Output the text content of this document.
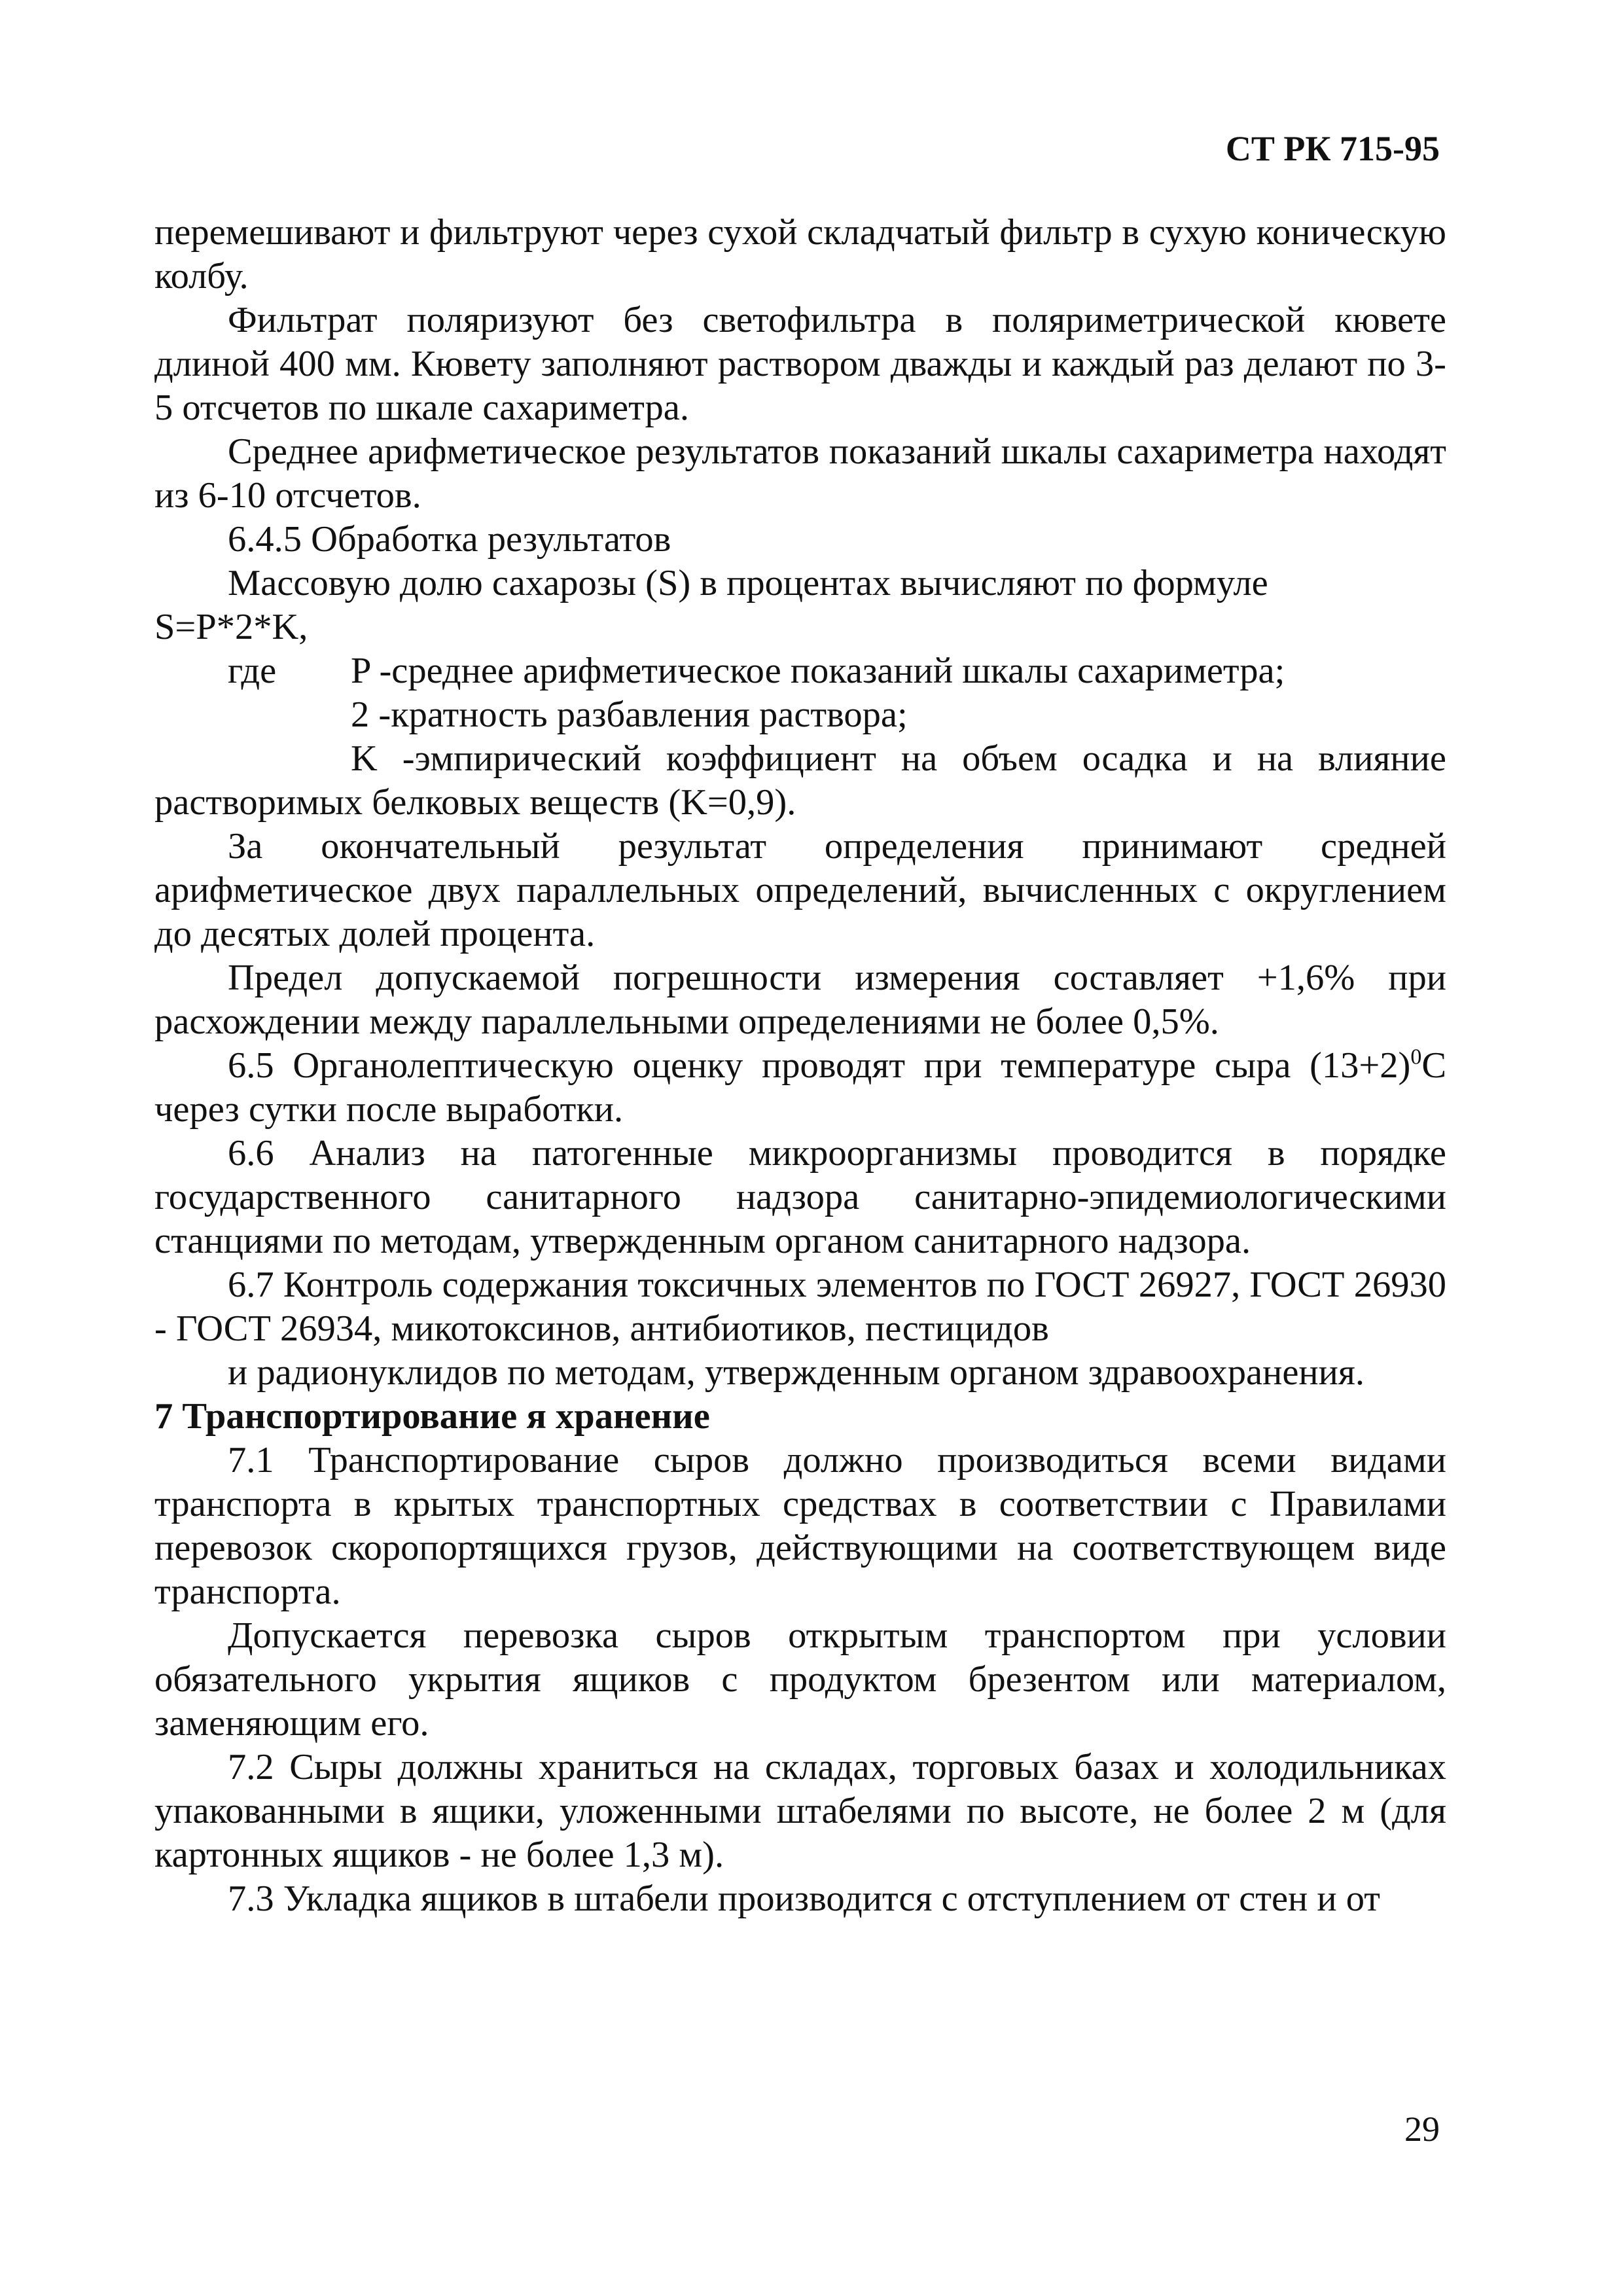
СТ РК 715-95

перемешивают и фильтруют через сухой складчатый фильтр в сухую коническую колбу.

Фильтрат поляризуют без светофильтра в поляриметрической кювете длиной 400 мм. Кювету заполняют раствором дважды и каждый раз делают по 3-5 отсчетов по шкале сахариметра.

Среднее арифметическое результатов показаний шкалы сахариметра находят из 6-10 отсчетов.

6.4.5 Обработка результатов

Массовую долю сахарозы (S) в процентах вычисляют по формуле

S=P*2*K,

где P -среднее арифметическое показаний шкалы сахариметра;
2 -кратность разбавления раствора;

K -эмпирический коэффициент на объем осадка и на влияние растворимых белковых веществ (K=0,9).

За окончательный результат определения принимают средней арифметическое двух параллельных определений, вычисленных с округлением до десятых долей процента.

Предел допускаемой погрешности измерения составляет +1,6% при расхождении между параллельными определениями не более 0,5%.

6.5 Органолептическую оценку проводят при температуре сыра $(13+2)^0С$ через сутки после выработки.

6.6 Анализ на патогенные микроорганизмы проводится в порядке государственного санитарного надзора санитарно-эпидемиологическими станциями по методам, утвержденным органом санитарного надзора.

6.7 Контроль содержания токсичных элементов по ГОСТ 26927, ГОСТ 26930 - ГОСТ 26934, микотоксинов, антибиотиков, пестицидов

и радионуклидов по методам, утвержденным органом здравоохранения.

7 Транспортирование я хранение

7.1 Транспортирование сыров должно производиться всеми видами транспорта в крытых транспортных средствах в соответствии с Правилами перевозок скоропортящихся грузов, действующими на соответствующем виде транспорта.

Допускается перевозка сыров открытым транспортом при условии обязательного укрытия ящиков с продуктом брезентом или материалом, заменяющим его.

7.2 Сыры должны храниться на складах, торговых базах и холодильниках упакованными в ящики, уложенными штабелями по высоте, не более 2 м (для картонных ящиков - не более 1,3 м).

7.3 Укладка ящиков в штабели производится с отступлением от стен и от

29
